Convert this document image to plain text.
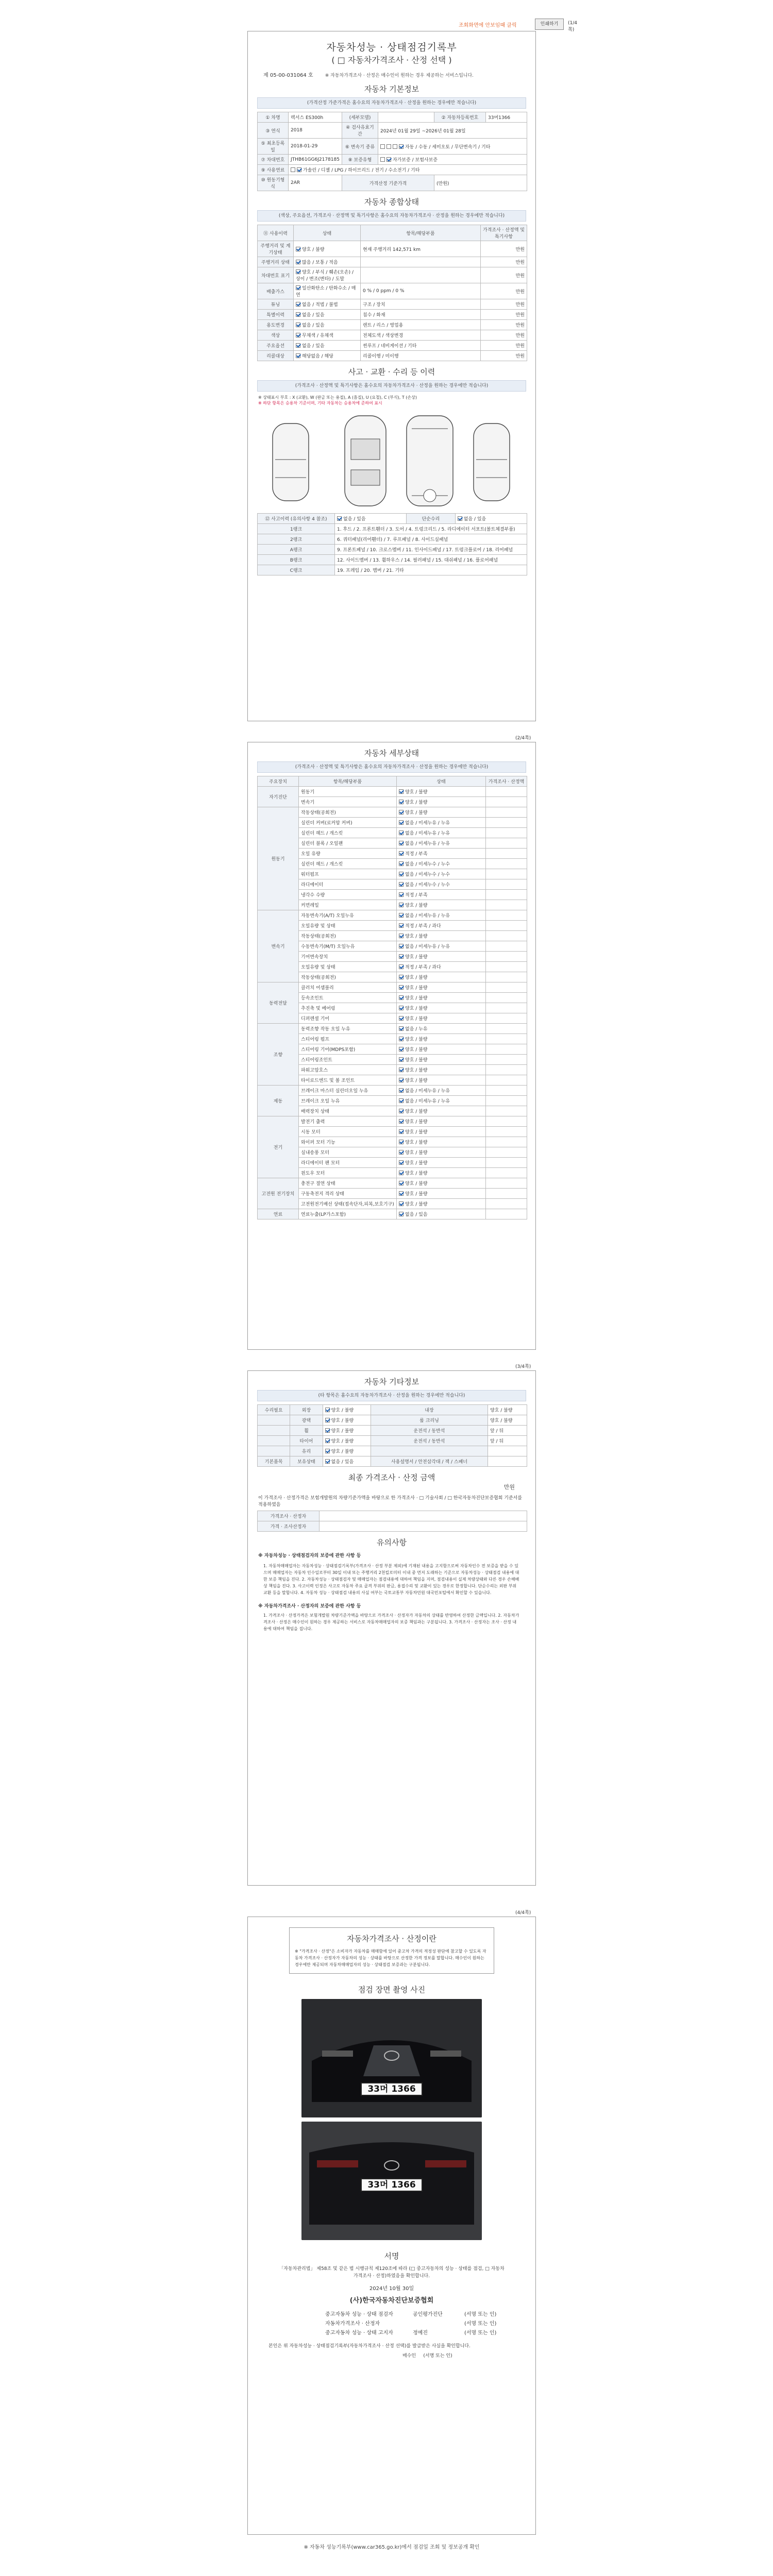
조회화면에 안보임때 클릭	인쇄하기	(1/4쪽)
자동차성능 · 상태점검기록부
( □ 자동차가격조사 · 산정 선택 )
제 05-00-031064 호	※ 자동차가격조사 · 산정은 매수인이 원하는 경우 제공하는 서비스입니다.
자동차 기본정보
(가격산정 가준가격은 홈수요의 자동차가격조사 · 산정을 원하는 경우에만 적습니다)
① 차명	렉서스 ES300h	(세부모델)		② 자동차등록번호	33머1366
③ 연식	2018	④ 검사유효기간	2024년 01월 29일 ~2026년 01월 28일		
⑤ 최초등록일	2018-01-29	⑥ 변속기 종류	자동 / 수동 / 세미오토 / 무단변속기 / 기타		
⑦ 차대번호	JTHB61GG6J2178185	⑧ 보증유형	자가보증 / 보험사보증		
⑨ 사용연료	가솔린 / 디젤 / LPG / 하이브리드 / 전기 / 수소전기 / 기타				
⑩ 원동기형식	2AR	가격산정 기준가격		(만원)	
자동차 종합상태
(색상, 주요옵션, 가격조사 · 산정액 및 특기사항은 홈수요의 자동차가격조사 · 산정을 원하는 경우에만 적습니다)
⑪ 사용이력	상태	항목/해당부품	가격조사 · 산정액 및 특기사항
주행거리 및 계기상태	양호 / 불량	현재 주행거리 142,571 km	만원
주행거리 상태	많음 / 보통 / 적음		만원
차대번호 표기	양호 / 부식 / 훼손(오손) / 상이 / 변조(변타) / 도말		만원
배출가스	일산화탄소 / 탄화수소 / 매연	0 % / 0 ppm / 0 %	만원
튜닝	없음 / 적법 / 불법	구조 / 장치	만원
특별이력	없음 / 있음	침수 / 화재	만원
용도변경	없음 / 있음	렌트 / 리스 / 영업용	만원
색상	무채색 / 유채색	전체도색 / 색상변경	만원
주요옵션	없음 / 있음	썬루프 / 네비게이션 / 기타	만원
리콜대상	해당없음 / 해당	리콜이행 / 미이행	만원
사고 · 교환 · 수리 등 이력
(가격조사 · 산정액 및 특기사항은 홈수요의 자동차가격조사 · 산정을 원하는 경우에만 적습니다)
※ 상태표시 부호 : X (교환), W (판금 또는 용접), A (흠집), U (요철), C (부식), T (손상)
※ 하단 항목은 승용차 기준이며, 기타 자동차는 승용차에 준하여 표시
⑫ 사고이력 (유의사항 4 참조)	없음 / 있음	단순수리	없음 / 있음
1랭크	1. 후드 / 2. 프론트휀더 / 3. 도어 / 4. 트렁크리드 / 5. 라디에이터 서포트(볼트체결부품)		
2랭크	6. 쿼터패널(리어휀더) / 7. 루프패널 / 8. 사이드실패널		
A랭크	9. 프론트패널 / 10. 크로스멤버 / 11. 인사이드패널 / 17. 트렁크플로어 / 18. 리어패널		
B랭크	12. 사이드멤버 / 13. 휠하우스 / 14. 필러패널 / 15. 대쉬패널 / 16. 플로어패널		
C랭크	19. 프레임 / 20. 멤버 / 21. 기타		
(2/4쪽)
자동차 세부상태
(가격조사 · 산정액 및 특기사항은 홈수요의 자동차가격조사 · 산정을 원하는 경우에만 적습니다)
주요장치	항목/해당부품	상태	가격조사 · 산정액
자기진단	원동기	양호 / 불량	
	변속기	양호 / 불량	
원동기	작동상태(공회전)	양호 / 불량	
	실린더 커버(로커암 커버)	없음 / 미세누유 / 누유	
	실린더 헤드 / 개스킷	없음 / 미세누유 / 누유	
	실린더 블록 / 오일팬	없음 / 미세누유 / 누유	
	오일 유량	적정 / 부족	
	실린더 헤드 / 개스킷	없음 / 미세누수 / 누수	
	워터펌프	없음 / 미세누수 / 누수	
	라디에이터	없음 / 미세누수 / 누수	
	냉각수 수량	적정 / 부족	
	커먼레일	양호 / 불량	
변속기	자동변속기(A/T) 오일누유	없음 / 미세누유 / 누유	
	오일유량 및 상태	적정 / 부족 / 과다	
	작동상태(공회전)	양호 / 불량	
	수동변속기(M/T) 오일누유	없음 / 미세누유 / 누유	
	기어변속장치	양호 / 불량	
	오일유량 및 상태	적정 / 부족 / 과다	
	작동상태(공회전)	양호 / 불량	
동력전달	클러치 어셈블리	양호 / 불량	
	등속조인트	양호 / 불량	
	추진축 및 베어링	양호 / 불량	
	디퍼렌셜 기어	양호 / 불량	
조향	동력조향 작동 오일 누유	없음 / 누유	
	스티어링 펌프	양호 / 불량	
	스티어링 기어(MDPS포함)	양호 / 불량	
	스티어링조인트	양호 / 불량	
	파워고압호스	양호 / 불량	
	타이로드엔드 및 볼 조인트	양호 / 불량	
제동	브레이크 마스터 실린더오일 누유	없음 / 미세누유 / 누유	
	브레이크 오일 누유	없음 / 미세누유 / 누유	
	배력장치 상태	양호 / 불량	
전기	발전기 출력	양호 / 불량	
	시동 모터	양호 / 불량	
	와이퍼 모터 기능	양호 / 불량	
	실내송풍 모터	양호 / 불량	
	라디에이터 팬 모터	양호 / 불량	
	윈도우 모터	양호 / 불량	
고전원 전기장치	충전구 절연 상태	양호 / 불량	
	구동축전지 격리 상태	양호 / 불량	
	고전원전기배선 상태(접속단자,피복,보호기구)	양호 / 불량	
연료	연료누출(LP가스포함)	없음 / 있음	
(3/4쪽)
자동차 기타정보
(타 항목은 홈수요의 자동차가격조사 · 산정을 원하는 경우에만 적습니다)
수리필요	외장	양호 / 불량	내장	양호 / 불량
	광택	양호 / 불량	룸 크리닝	양호 / 불량
	휠	양호 / 불량	운전석 / 동반석	앞 / 뒤
	타이어	양호 / 불량	운전석 / 동반석	앞 / 뒤
	유리	양호 / 불량		
기본품목	보유상태	없음 / 있음	사용설명서 / 안전삼각대 / 잭 / 스패너	
최종 가격조사 · 산정 금액
만원
이 가격조사 · 산정가격은 보험개발원의 차량기준가액을 바탕으로 한 가격조사 · □ 기술사회 / □ 한국자동차진단보증협회 기준서를 적용하였음
가격조사 · 산정자	
가격 · 조사산정자	
유의사항
※ 자동차성능 · 상태점검자의 보증에 관한 사항 등
1. 자동차매매업자는 자동차성능 · 상태점검기록부(가격조사 · 산정 부분 제외)에 기재된 내용을 고지함으로써 자동차인수 전 보증을 받을 수 있으며 매매업자는 자동차 인수일로부터 30일 이내 또는 주행거리 2천킬로미터 이내 중 먼저 도래하는 기준으로 자동차성능 · 상태점검 내용에 대한 보증 책임을 진다. 2. 자동차성능 · 상태점검자 및 매매업자는 점검내용에 대하여 책임을 지며, 점검내용이 실제 차량상태와 다른 경우 손해배상 책임을 진다. 3. 사고이력 인정은 사고로 자동차 주요 골격 부위의 판금, 용접수리 및 교환이 있는 경우로 한정합니다. 단순수리는 외판 부위 교환 등을 말합니다. 4. 자동차 성능 · 상태점검 내용의 사실 여부는 국토교통부 자동차민원 대국민포털에서 확인할 수 있습니다.
※ 자동차가격조사 · 산정자의 보증에 관한 사항 등
1. 가격조사 · 산정가격은 보험개발원 차량기준가액을 바탕으로 가격조사 · 산정자가 자동차의 상태를 반영하여 산정한 금액입니다. 2. 자동차가격조사 · 산정은 매수인이 원하는 경우 제공하는 서비스로 자동차매매업자의 보증 책임과는 구분됩니다. 3. 가격조사 · 산정자는 조사 · 산정 내용에 대하여 책임을 집니다.
(4/4쪽)
자동차가격조사 · 산정이란
※ "가격조사 · 산정"은 소비자가 자동차를 매매함에 있어 중고차 가격의 적정성 판단에 참고할 수 있도록 자동차 가격조사 · 산정자가 자동차의 성능 · 상태를 바탕으로 산정한 가격 정보를 말합니다. 매수인이 원하는 경우에만 제공되며 자동차매매업자의 성능 · 상태점검 보증과는 구분됩니다.
점검 장면 촬영 사진
33머 1366
33머 1366
서명
「자동차관리법」 제58조 및 같은 법 시행규칙 제120조에 따라 (□ 중고자동차의 성능 · 상태를 점검, □ 자동차가격조사 · 산정)하였음을 확인합니다.
2024년 10월 30일
(사)한국자동차진단보증협회
중고자동차 성능 · 상태 점검자	공인평가진단	(서명 또는 인)
자동차가격조사 · 산정자	(서명 또는 인)
중고자동차 성능 · 상태 고지자	정예진	(서명 또는 인)
본인은 위 자동차성능 · 상태점검기록부(자동차가격조사 · 산정 선택)를 발급받은 사실을 확인합니다.
매수인 (서명 또는 인)
※ 자동차 성능기록부(www.car365.go.kr)에서 점검일 조회 및 정보공개 확인
